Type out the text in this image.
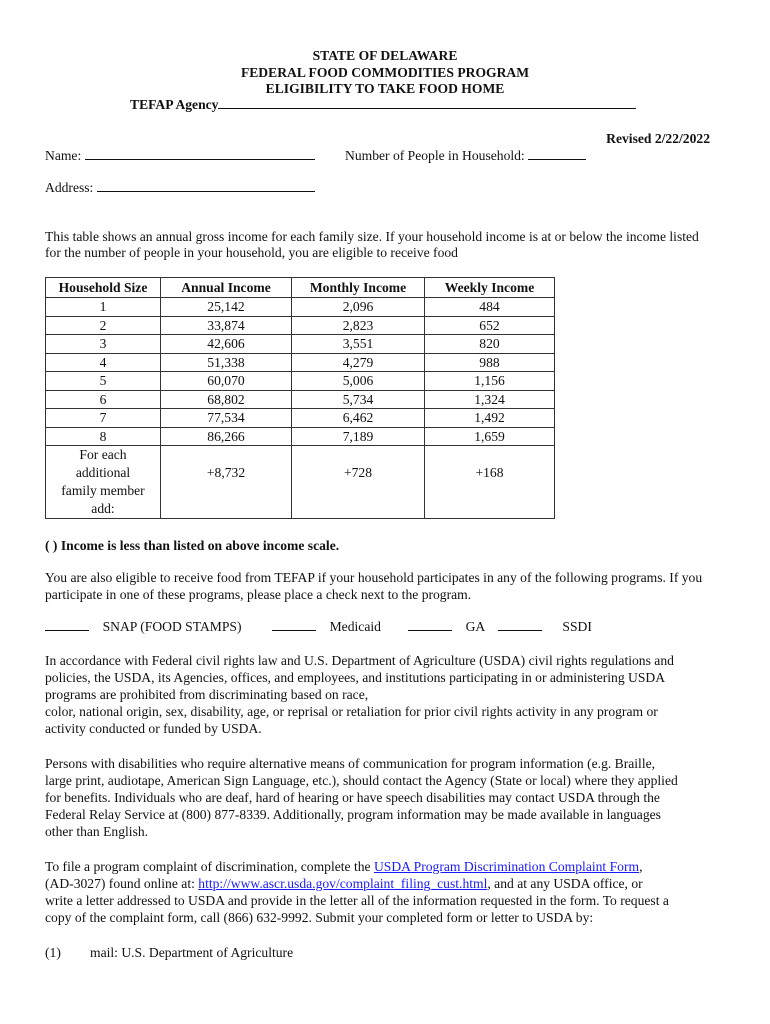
STATE OF DELAWARE
FEDERAL FOOD COMMODITIES PROGRAM
ELIGIBILITY TO TAKE FOOD HOME
TEFAP Agency
Revised 2/22/2022
Name:	Number of People in Household:
Address:
This table shows an annual gross income for each family size. If your household income is at or below the income listed
for the number of people in your household, you are eligible to receive food
Household Size	Annual Income	Monthly Income	Weekly Income
1	25,142	2,096	484
2	33,874	2,823	652
3	42,606	3,551	820
4	51,338	4,279	988
5	60,070	5,006	1,156
6	68,802	5,734	1,324
7	77,534	6,462	1,492
8	86,266	7,189	1,659

For each
additional
family member
add:	+8,732	+728	+168
( ) Income is less than listed on above income scale.
You are also eligible to receive food from TEFAP if your household participates in any of the following programs. If you
participate in one of these programs, please place a check next to the program.
SNAP (FOOD STAMPS)	Medicaid	GA	SSDI
In accordance with Federal civil rights law and U.S. Department of Agriculture (USDA) civil rights regulations and
policies, the USDA, its Agencies, offices, and employees, and institutions participating in or administering USDA
programs are prohibited from discriminating based on race,
color, national origin, sex, disability, age, or reprisal or retaliation for prior civil rights activity in any program or
activity conducted or funded by USDA.
Persons with disabilities who require alternative means of communication for program information (e.g. Braille,
large print, audiotape, American Sign Language, etc.), should contact the Agency (State or local) where they applied
for benefits. Individuals who are deaf, hard of hearing or have speech disabilities may contact USDA through the
Federal Relay Service at (800) 877-8339. Additionally, program information may be made available in languages
other than English.
To file a program complaint of discrimination, complete the USDA Program Discrimination Complaint Form,
(AD-3027) found online at: http://www.ascr.usda.gov/complaint_filing_cust.html, and at any USDA office, or
write a letter addressed to USDA and provide in the letter all of the information requested in the form. To request a
copy of the complaint form, call (866) 632-9992. Submit your completed form or letter to USDA by:
(1) mail: U.S. Department of Agriculture
